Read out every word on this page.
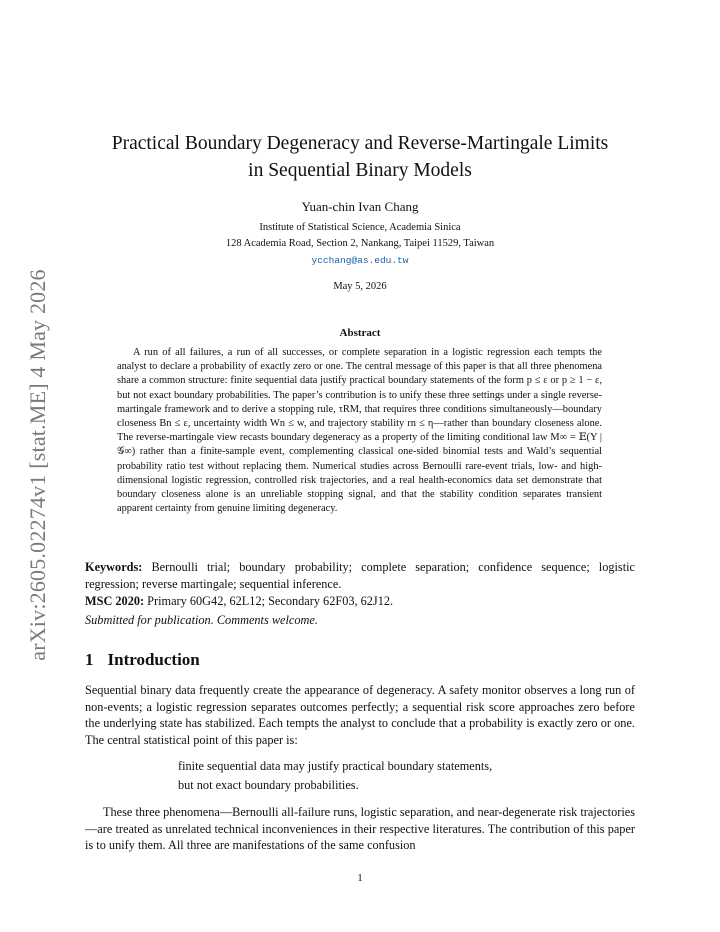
arXiv:2605.02274v1 [stat.ME] 4 May 2026
Practical Boundary Degeneracy and Reverse-Martingale Limits
in Sequential Binary Models
Yuan-chin Ivan Chang
Institute of Statistical Science, Academia Sinica
128 Academia Road, Section 2, Nankang, Taipei 11529, Taiwan
ycchang@as.edu.tw
May 5, 2026
Abstract

A run of all failures, a run of all successes, or complete separation in a logistic regression each tempts the analyst to declare a probability of exactly zero or one. The central message of this paper is that all three phenomena share a common structure: finite sequential data justify practical boundary statements of the form p ≤ ε or p ≥ 1 − ε, but not exact boundary probabilities. The paper’s contribution is to unify these three settings under a single reverse-martingale framework and to derive a stopping rule, τRM, that requires three conditions simultaneously—boundary closeness Bn ≤ ε, uncertainty width Wn ≤ w, and trajectory stability rn ≤ η—rather than boundary closeness alone. The reverse-martingale view recasts boundary degeneracy as a property of the limiting conditional law M∞ = 𝔼(Y | 𝒢∞) rather than a finite-sample event, complementing classical one-sided binomial tests and Wald’s sequential probability ratio test without replacing them. Numerical studies across Bernoulli rare-event trials, low- and high-dimensional logistic regression, controlled risk trajectories, and a real health-economics data set demonstrate that boundary closeness alone is an unreliable stopping signal, and that the stability condition separates transient apparent certainty from genuine limiting degeneracy.

Keywords: Bernoulli trial; boundary probability; complete separation; confidence sequence; logistic regression; reverse martingale; sequential inference.

MSC 2020: Primary 60G42, 62L12; Secondary 62F03, 62J12.
Submitted for publication. Comments welcome.
1 Introduction

Sequential binary data frequently create the appearance of degeneracy. A safety monitor observes a long run of non-events; a logistic regression separates outcomes perfectly; a sequential risk score approaches zero before the underlying state has stabilized. Each tempts the analyst to conclude that a probability is exactly zero or one. The central statistical point of this paper is:

finite sequential data may justify practical boundary statements,
but not exact boundary probabilities.

These three phenomena—Bernoulli all-failure runs, logistic separation, and near-degenerate risk trajectories—are treated as unrelated technical inconveniences in their respective literatures. The contribution of this paper is to unify them. All three are manifestations of the same confusion

1
